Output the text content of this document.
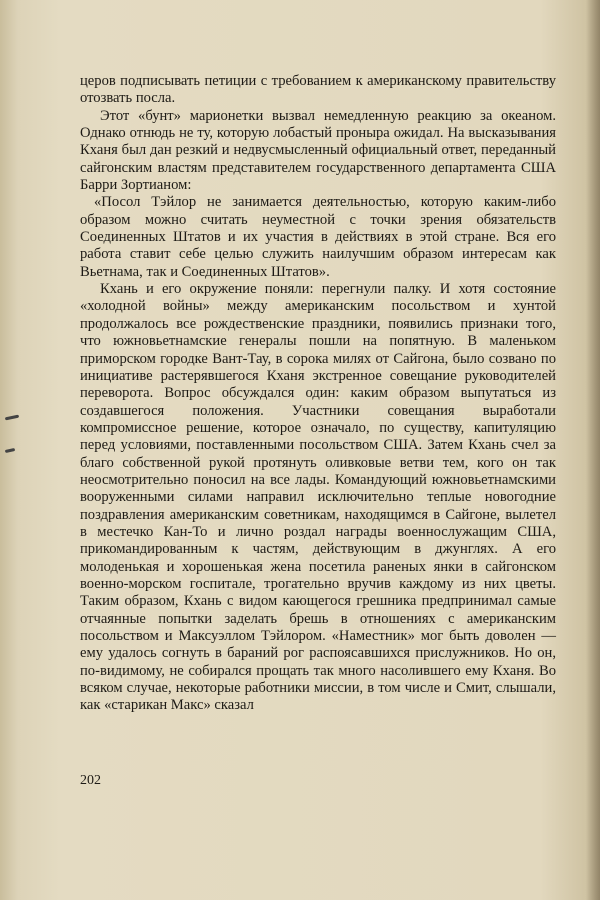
церов подписывать петиции с требованием к американскому правительству отозвать посла.

Этот «бунт» марионетки вызвал немедленную реакцию за океаном. Однако отнюдь не ту, которую лобастый проныра ожидал. На высказывания Кханя был дан резкий и недвусмысленный официальный ответ, переданный сайгонским властям представителем государственного департамента США Барри Зортианом:

«Посол Тэйлор не занимается деятельностью, которую каким-либо образом можно считать неуместной с точки зрения обязательств Соединенных Штатов и их участия в действиях в этой стране. Вся его работа ставит себе целью служить наилучшим образом интересам как Вьетнама, так и Соединенных Штатов».

Кхань и его окружение поняли: перегнули палку. И хотя состояние «холодной войны» между американским посольством и хунтой продолжалось все рождественские праздники, появились признаки того, что южновьетнамские генералы пошли на попятную. В маленьком приморском городке Вант-Тау, в сорока милях от Сайгона, было созвано по инициативе растерявшегося Кханя экстренное совещание руководителей переворота. Вопрос обсуждался один: каким образом выпутаться из создавшегося положения. Участники совещания выработали компромиссное решение, которое означало, по существу, капитуляцию перед условиями, поставленными посольством США. Затем Кхань счел за благо собственной рукой протянуть оливковые ветви тем, кого он так неосмотрительно поносил на все лады. Командующий южновьетнамскими вооруженными силами направил исключительно теплые новогодние поздравления американским советникам, находящимся в Сайгоне, вылетел в местечко Кан-То и лично роздал награды военнослужащим США, прикомандированным к частям, действующим в джунглях. А его молоденькая и хорошенькая жена посетила раненых янки в сайгонском военно-морском госпитале, трогательно вручив каждому из них цветы. Таким образом, Кхань с видом кающегося грешника предпринимал самые отчаянные попытки заделать брешь в отношениях с американским посольством и Максуэллом Тэйлором. «Наместник» мог быть доволен — ему удалось согнуть в бараний рог распоясавшихся прислужников. Но он, по-видимому, не собирался прощать так много насолившего ему Кханя. Во всяком случае, некоторые работники миссии, в том числе и Смит, слышали, как «старикан Макс» сказал

202
